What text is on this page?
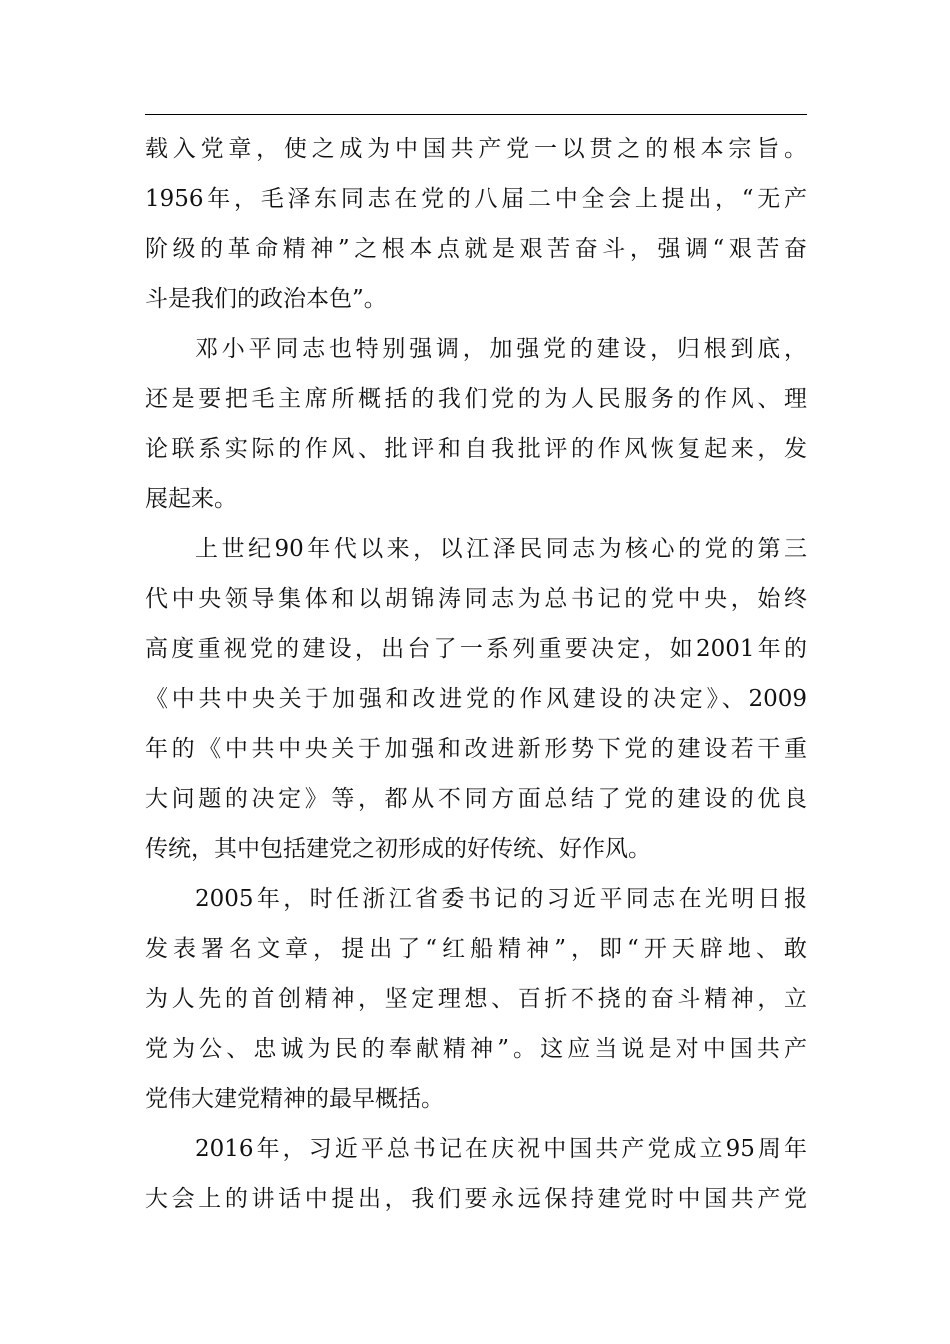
载入党章，使之成为中国共产党一以贯之的根本宗旨。
1956年，毛泽东同志在党的八届二中全会上提出，“无产
阶级的革命精神”之根本点就是艰苦奋斗，强调“艰苦奋
斗是我们的政治本色”。
邓小平同志也特别强调，加强党的建设，归根到底，
还是要把毛主席所概括的我们党的为人民服务的作风、理
论联系实际的作风、批评和自我批评的作风恢复起来，发
展起来。
上世纪90年代以来，以江泽民同志为核心的党的第三
代中央领导集体和以胡锦涛同志为总书记的党中央，始终
高度重视党的建设，出台了一系列重要决定，如2001年的
《中共中央关于加强和改进党的作风建设的决定》、2009
年的《中共中央关于加强和改进新形势下党的建设若干重
大问题的决定》等，都从不同方面总结了党的建设的优良
传统，其中包括建党之初形成的好传统、好作风。
2005年，时任浙江省委书记的习近平同志在光明日报
发表署名文章，提出了“红船精神”，即“开天辟地、敢
为人先的首创精神，坚定理想、百折不挠的奋斗精神，立
党为公、忠诚为民的奉献精神”。这应当说是对中国共产
党伟大建党精神的最早概括。
2016年，习近平总书记在庆祝中国共产党成立95周年
大会上的讲话中提出，我们要永远保持建党时中国共产党
